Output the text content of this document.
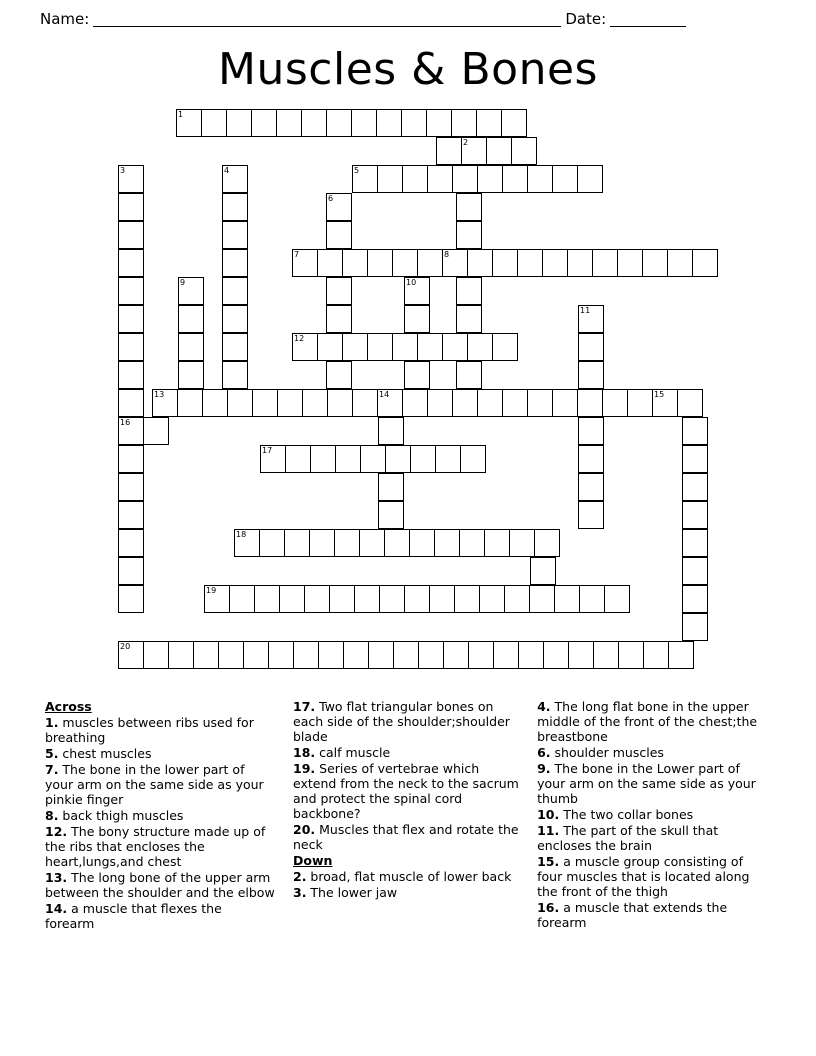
Name:	Date:
Muscles & Bones
1
2
3	4	5
6
7	8
9	10
11
12
13	14	15
16
17
18
19
20
Across
1. muscles between ribs used for breathing
5. chest muscles
7. The bone in the lower part of your arm on the same side as your pinkie finger
8. back thigh muscles
12. The bony structure made up of the ribs that encloses the heart,lungs,and chest
13. The long bone of the upper arm between the shoulder and the elbow
14. a muscle that flexes the forearm
17. Two flat triangular bones on each side of the shoulder;shoulder blade
18. calf muscle
19. Series of vertebrae which extend from the neck to the sacrum and protect the spinal cord backbone?
20. Muscles that flex and rotate the neck
Down
2. broad, flat muscle of lower back
3. The lower jaw
4. The long flat bone in the upper middle of the front of the chest;the breastbone
6. shoulder muscles
9. The bone in the Lower part of your arm on the same side as your thumb
10. The two collar bones
11. The part of the skull that encloses the brain
15. a muscle group consisting of four muscles that is located along the front of the thigh
16. a muscle that extends the forearm
